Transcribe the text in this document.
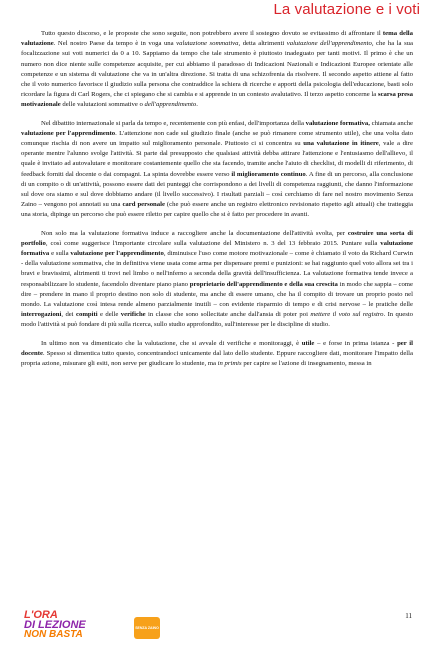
La valutazione e i voti

Tutto questo discorso, e le proposte che sono seguite, non potrebbero avere il sostegno dovuto se evitassimo di affrontare il tema della valutazione. Nel nostro Paese da tempo è in voga una valutazione sommativa, detta altrimenti valutazione dell'apprendimento, che ha la sua focalizzazione sui voti numerici da 0 a 10. Sappiamo da tempo che tale strumento è piuttosto inadeguato per tanti motivi. Il primo è che un numero non dice niente sulle competenze acquisite, per cui abbiamo il paradosso di Indicazioni Nazionali e Indicazioni Europee orientate alle competenze e un sistema di valutazione che va in un'altra direzione. Si tratta di una schizofrenia da risolvere. Il secondo aspetto attiene al fatto che il voto numerico favorisce il giudizio sulla persona che contraddice la schiera di ricerche e apporti della psicologia dell'educazione, basti solo ricordare la figura di Carl Rogers, che ci spiegano che si cambia e si apprende in un contesto avalutativo. Il terzo aspetto concerne la scarsa presa motivazionale delle valutazioni sommative o dell'apprendimento.

Nel dibattito internazionale si parla da tempo e, recentemente con più enfasi, dell'importanza della valutazione formativa, chiamata anche valutazione per l'apprendimento. L'attenzione non cade sul giudizio finale (anche se può rimanere come strumento utile), che una volta dato comunque rischia di non avere un impatto sul miglioramento personale. Piuttosto ci si concentra su una valutazione in itinere, vale a dire operante mentre l'alunno svolge l'attività. Si parte dal presupposto che qualsiasi attività debba attirare l'attenzione e l'entusiasmo dell'allievo, il quale è invitato ad autovalutare e monitorare costantemente quello che sta facendo, tramite anche l'aiuto di checklist, di modelli di riferimento, di feedback forniti dal docente o dai compagni. La spinta dovrebbe essere verso il miglioramento continuo. A fine di un percorso, alla conclusione di un compito o di un'attività, possono essere dati dei punteggi che corrispondono a dei livelli di competenza raggiunti, che danno l'informazione sul dove ora siamo e sul dove dobbiamo andare (il livello successivo). I risultati parziali – così cerchiamo di fare nel nostro movimento Senza Zaino – vengono poi annotati su una card personale (che può essere anche un registro elettronico revisionato rispetto agli attuali) che tratteggia una storia, dipinge un percorso che può essere riletto per capire quello che si è fatto per procedere in avanti.

Non solo ma la valutazione formativa induce a raccogliere anche la documentazione dell'attività svolta, per costruire una sorta di portfolio, così come suggerisce l'importante circolare sulla valutazione del Ministero n. 3 del 13 febbraio 2015. Puntare sulla valutazione formativa e sulla valutazione per l'apprendimento, diminuisce l'uso come motore motivazionale – come è chiamato il voto da Richard Curwin - della valutazione sommativa, che in definitiva viene usata come arma per dispensare premi e punizioni: se hai raggiunto quel voto allora sei tra i bravi e bravissimi, altrimenti ti trovi nel limbo o nell'inferno a seconda della gravità dell'insufficienza. La valutazione formativa tende invece a responsabilizzare lo studente, facendolo diventare piano piano proprietario dell'apprendimento e della sua crescita in modo che sappia – come dire – prendere in mano il proprio destino non solo di studente, ma anche di essere umano, che ha il compito di trovare un proprio posto nel mondo. La valutazione così intesa rende almeno parzialmente inutili – con evidente risparmio di tempo e di crisi nervose – le pratiche delle interrogazioni, dei compiti e delle verifiche in classe che sono sollecitate anche dall'ansia di poter poi mettere il voto sul registro. In questo modo l'attività si può fondare di più sulla ricerca, sullo studio approfondito, sull'interesse per le discipline di studio.

In ultimo non va dimenticato che la valutazione, che si avvale di verifiche e monitoraggi, è utile – e forse in prima istanza - per il docente. Spesso si dimentica tutto questo, concentrandoci unicamente dal lato dello studente. Eppure raccogliere dati, monitorare l'impatto della propria azione, misurare gli esiti, non serve per giudicare lo studente, ma in primis per capire se l'azione di insegnamento, messa in

L'ORA
DI LEZIONE
NON BASTA
SENZA ZAINO
11
